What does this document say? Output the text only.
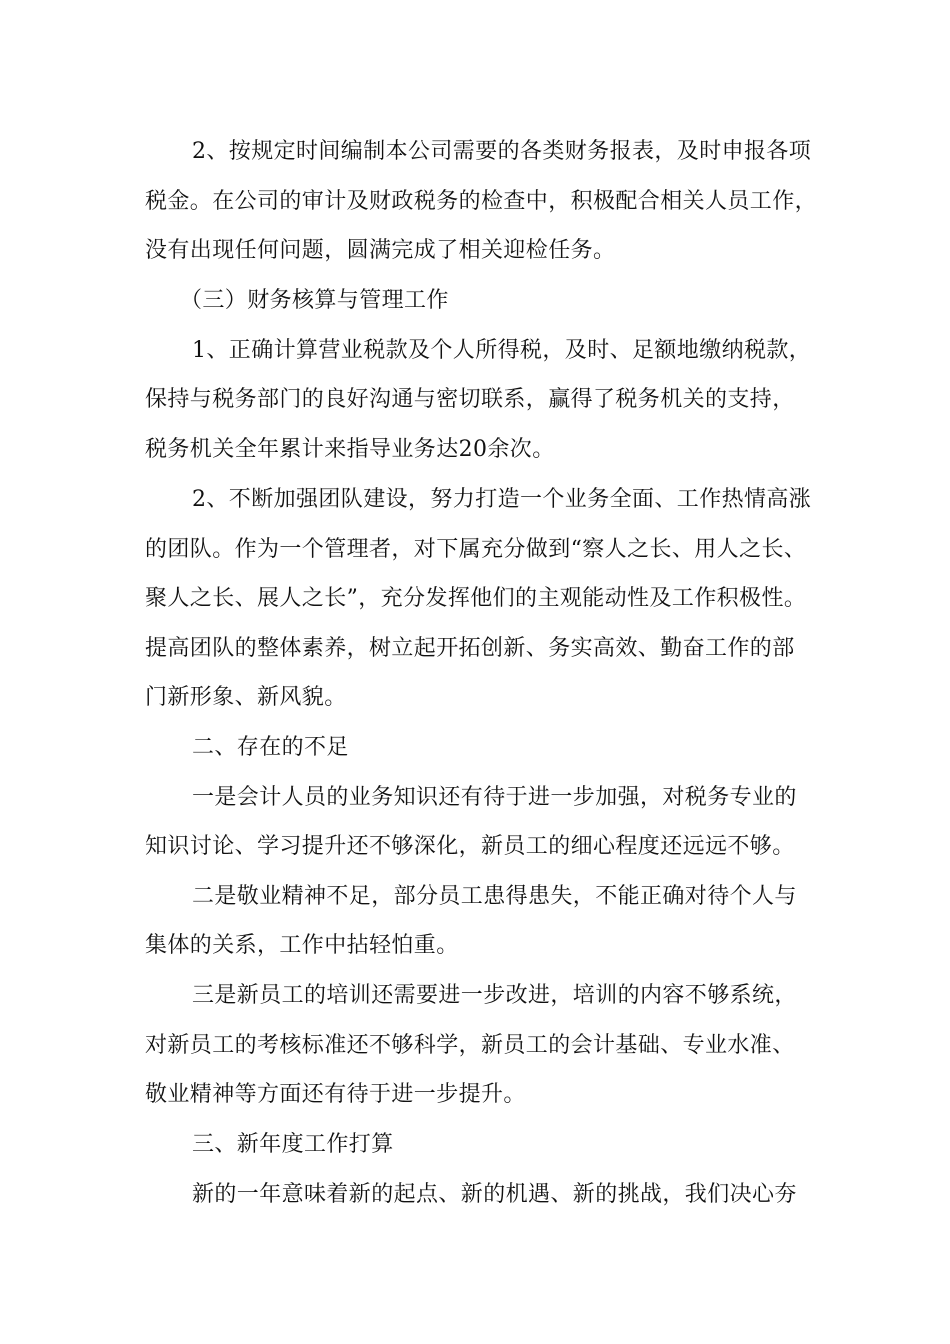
2、按规定时间编制本公司需要的各类财务报表，及时申报各项
税金。在公司的审计及财政税务的检查中，积极配合相关人员工作，
没有出现任何问题，圆满完成了相关迎检任务。
（三）财务核算与管理工作
1、正确计算营业税款及个人所得税，及时、足额地缴纳税款，
保持与税务部门的良好沟通与密切联系，赢得了税务机关的支持，
税务机关全年累计来指导业务达20余次。
2、不断加强团队建设，努力打造一个业务全面、工作热情高涨
的团队。作为一个管理者，对下属充分做到“察人之长、用人之长、
聚人之长、展人之长”，充分发挥他们的主观能动性及工作积极性。
提高团队的整体素养，树立起开拓创新、务实高效、勤奋工作的部
门新形象、新风貌。
二、存在的不足
一是会计人员的业务知识还有待于进一步加强，对税务专业的
知识讨论、学习提升还不够深化，新员工的细心程度还远远不够。
二是敬业精神不足，部分员工患得患失，不能正确对待个人与
集体的关系，工作中拈轻怕重。
三是新员工的培训还需要进一步改进，培训的内容不够系统，
对新员工的考核标准还不够科学，新员工的会计基础、专业水准、
敬业精神等方面还有待于进一步提升。
三、新年度工作打算
新的一年意味着新的起点、新的机遇、新的挑战，我们决心夯
